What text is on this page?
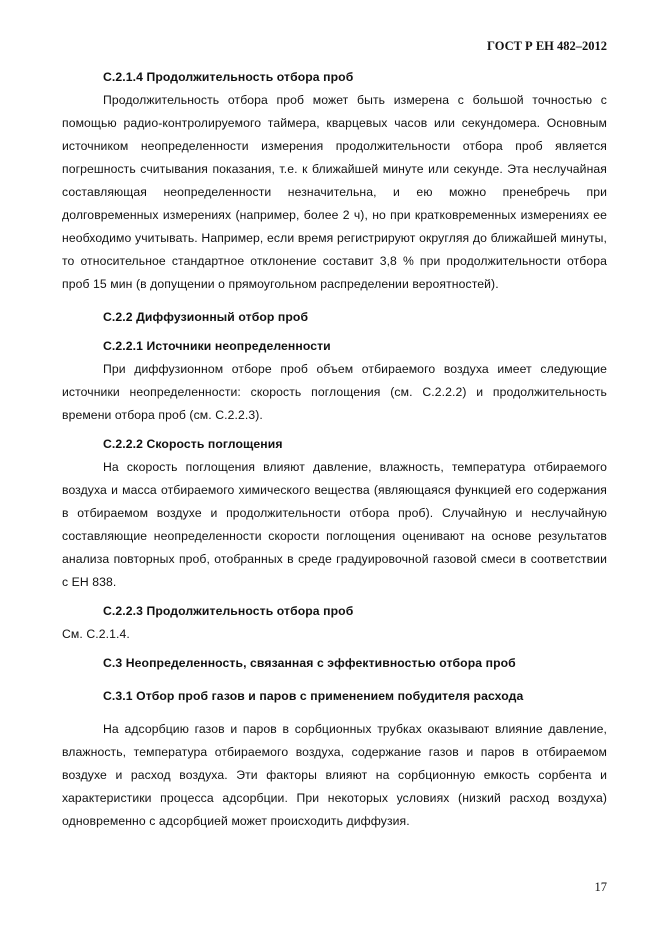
ГОСТ Р ЕН 482–2012
С.2.1.4 Продолжительность отбора проб

Продолжительность отбора проб может быть измерена с большой точностью с помощью радио-контролируемого таймера, кварцевых часов или секундомера. Основным источником неопределенности измерения продолжительности отбора проб является погрешность считывания показания, т.е. к ближайшей минуте или секунде. Эта неслучайная составляющая неопределенности незначительна, и ею можно пренебречь при долговременных измерениях (например, более 2 ч), но при кратковременных измерениях ее необходимо учитывать. Например, если время регистрируют округляя до ближайшей минуты, то относительное стандартное отклонение составит 3,8 % при продолжительности отбора проб 15 мин (в допущении о прямоугольном распределении вероятностей).

С.2.2 Диффузионный отбор проб
С.2.2.1 Источники неопределенности

При диффузионном отборе проб объем отбираемого воздуха имеет следующие источники неопределенности: скорость поглощения (см. С.2.2.2) и продолжительность времени отбора проб (см. С.2.2.3).

С.2.2.2 Скорость поглощения

На скорость поглощения влияют давление, влажность, температура отбираемого воздуха и масса отбираемого химического вещества (являющаяся функцией его содержания в отбираемом воздухе и продолжительности отбора проб). Случайную и неслучайную составляющие неопределенности скорости поглощения оценивают на основе результатов анализа повторных проб, отобранных в среде градуировочной газовой смеси в соответствии с ЕН 838.

С.2.2.3 Продолжительность отбора проб

См. С.2.1.4.

С.3 Неопределенность, связанная с эффективностью отбора проб
С.3.1 Отбор проб газов и паров с применением побудителя расхода

На адсорбцию газов и паров в сорбционных трубках оказывают влияние давление, влажность, температура отбираемого воздуха, содержание газов и паров в отбираемом воздухе и расход воздуха. Эти факторы влияют на сорбционную емкость сорбента и характеристики процесса адсорбции. При некоторых условиях (низкий расход воздуха) одновременно с адсорбцией может происходить диффузия.

17
